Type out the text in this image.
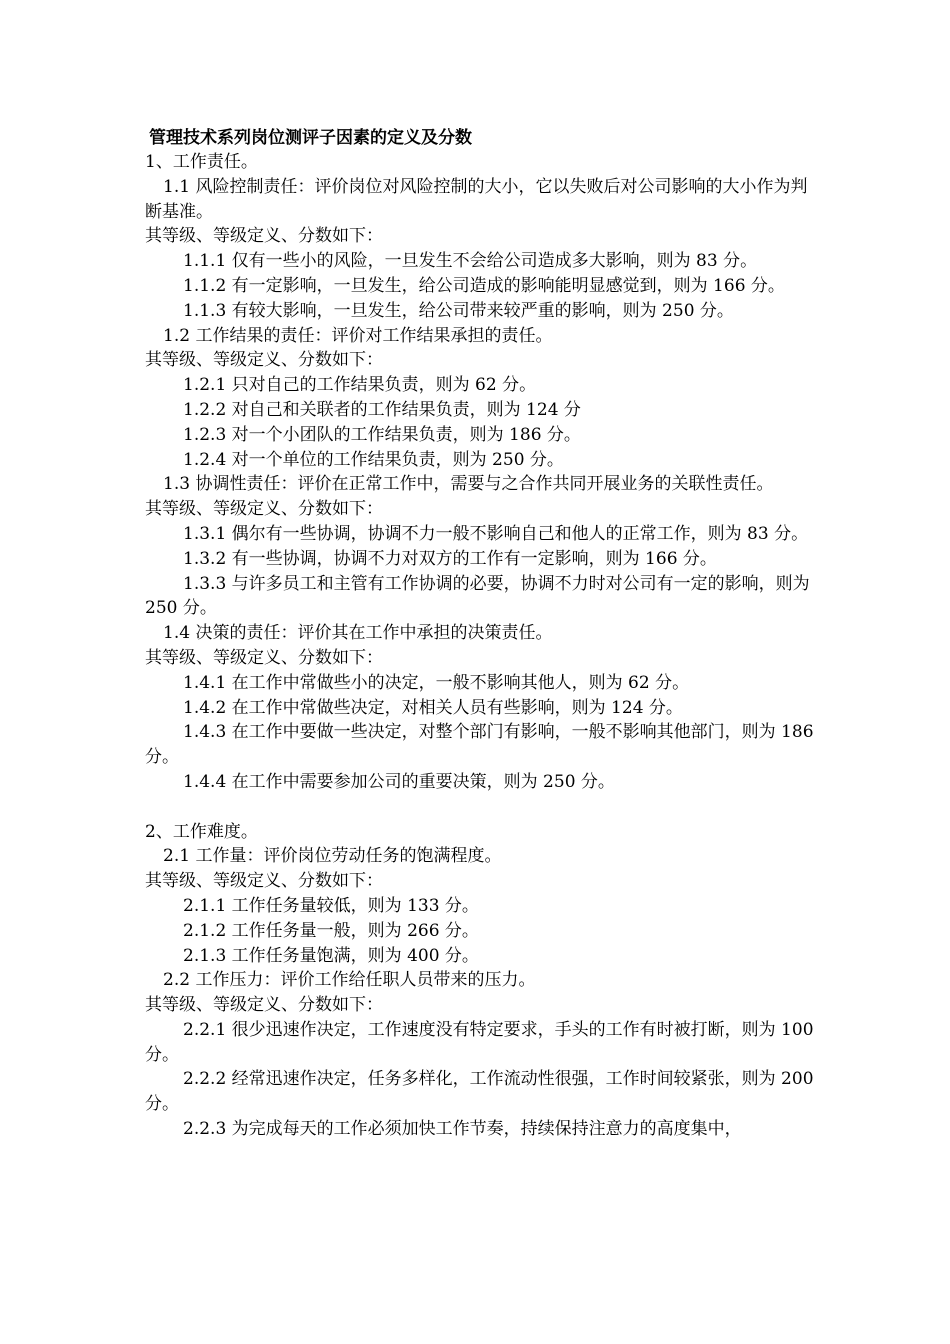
管理技术系列岗位测评子因素的定义及分数

1、工作责任。

1.1 风险控制责任：评价岗位对风险控制的大小，它以失败后对公司影响的大小作为判断基准。

其等级、等级定义、分数如下：

1.1.1 仅有一些小的风险，一旦发生不会给公司造成多大影响，则为 83 分。

1.1.2 有一定影响，一旦发生，给公司造成的影响能明显感觉到，则为 166 分。

1.1.3 有较大影响，一旦发生，给公司带来较严重的影响，则为 250 分。

1.2 工作结果的责任：评价对工作结果承担的责任。

其等级、等级定义、分数如下：

1.2.1 只对自己的工作结果负责，则为 62 分。

1.2.2 对自己和关联者的工作结果负责，则为 124 分

1.2.3 对一个小团队的工作结果负责，则为 186 分。

1.2.4 对一个单位的工作结果负责，则为 250 分。

1.3 协调性责任：评价在正常工作中，需要与之合作共同开展业务的关联性责任。

其等级、等级定义、分数如下：

1.3.1 偶尔有一些协调，协调不力一般不影响自己和他人的正常工作，则为 83 分。

1.3.2 有一些协调，协调不力对双方的工作有一定影响，则为 166 分。

1.3.3 与许多员工和主管有工作协调的必要，协调不力时对公司有一定的影响，则为 250 分。

1.4 决策的责任：评价其在工作中承担的决策责任。

其等级、等级定义、分数如下：

1.4.1 在工作中常做些小的决定，一般不影响其他人，则为 62 分。

1.4.2 在工作中常做些决定，对相关人员有些影响，则为 124 分。

1.4.3 在工作中要做一些决定，对整个部门有影响，一般不影响其他部门，则为 186 分。

1.4.4 在工作中需要参加公司的重要决策，则为 250 分。

2、工作难度。

2.1 工作量：评价岗位劳动任务的饱满程度。

其等级、等级定义、分数如下：

2.1.1 工作任务量较低，则为 133 分。

2.1.2 工作任务量一般，则为 266 分。

2.1.3 工作任务量饱满，则为 400 分。

2.2 工作压力：评价工作给任职人员带来的压力。

其等级、等级定义、分数如下：

2.2.1 很少迅速作决定，工作速度没有特定要求，手头的工作有时被打断，则为 100 分。

2.2.2 经常迅速作决定，任务多样化，工作流动性很强，工作时间较紧张，则为 200 分。

2.2.3 为完成每天的工作必须加快工作节奏，持续保持注意力的高度集中，
